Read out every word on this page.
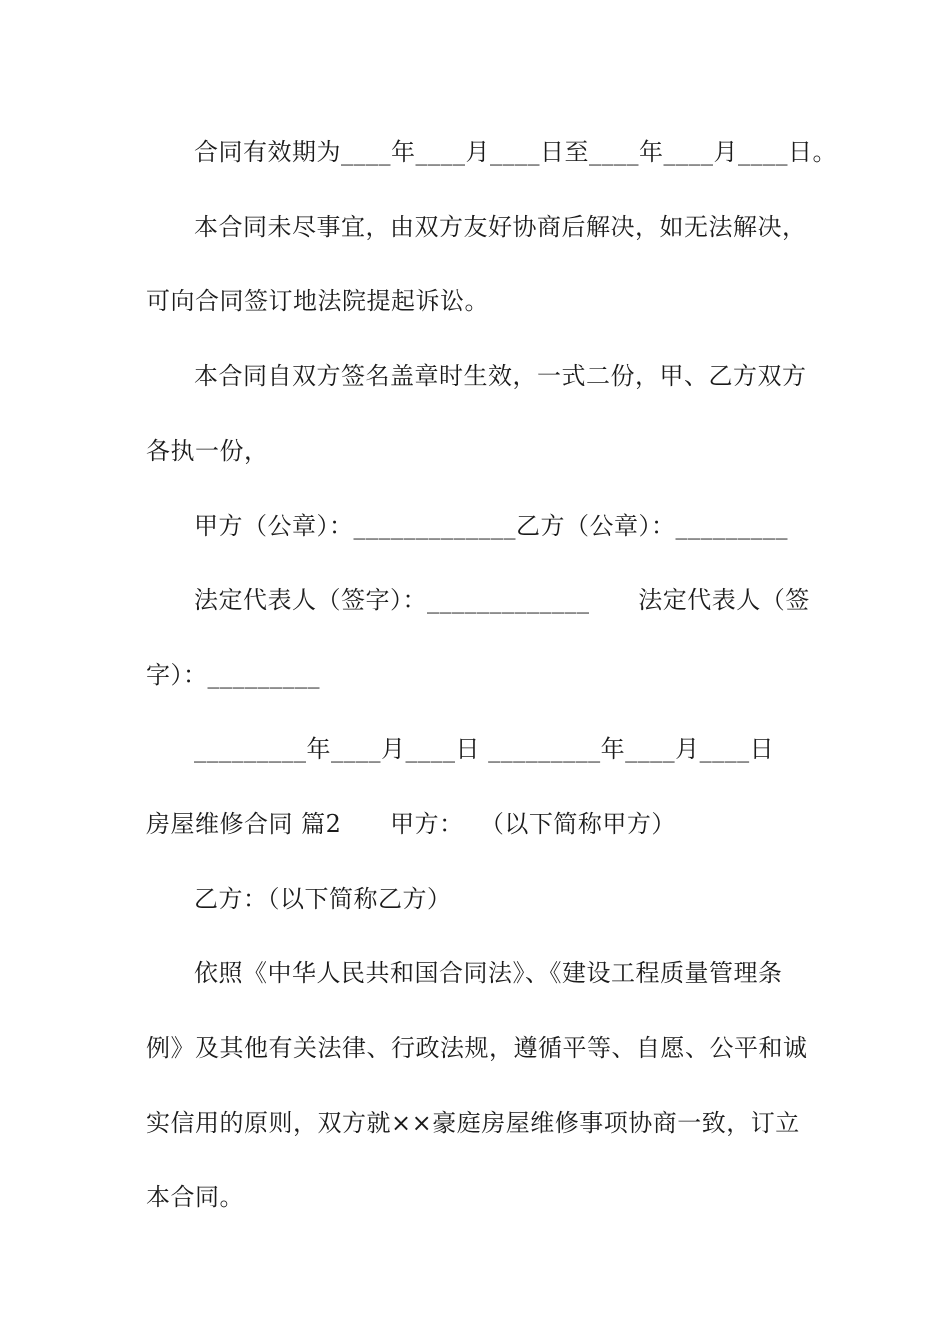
合同有效期为____年____月____日至____年____月____日。
本合同未尽事宜，由双方友好协商后解决，如无法解决，
可向合同签订地法院提起诉讼。
本合同自双方签名盖章时生效，一式二份，甲、乙方双方
各执一份，
甲方（公章）：_____________乙方（公章）：_________
法定代表人（签字）：_____________      法定代表人（签
字）：_________
_________年____月____日 _________年____月____日
房屋维修合同 篇2      甲方：  （以下简称甲方）
乙方：（以下简称乙方）
依照《中华人民共和国合同法》、《建设工程质量管理条
例》及其他有关法律、行政法规，遵循平等、自愿、公平和诚
实信用的原则，双方就××豪庭房屋维修事项协商一致，订立
本合同。
